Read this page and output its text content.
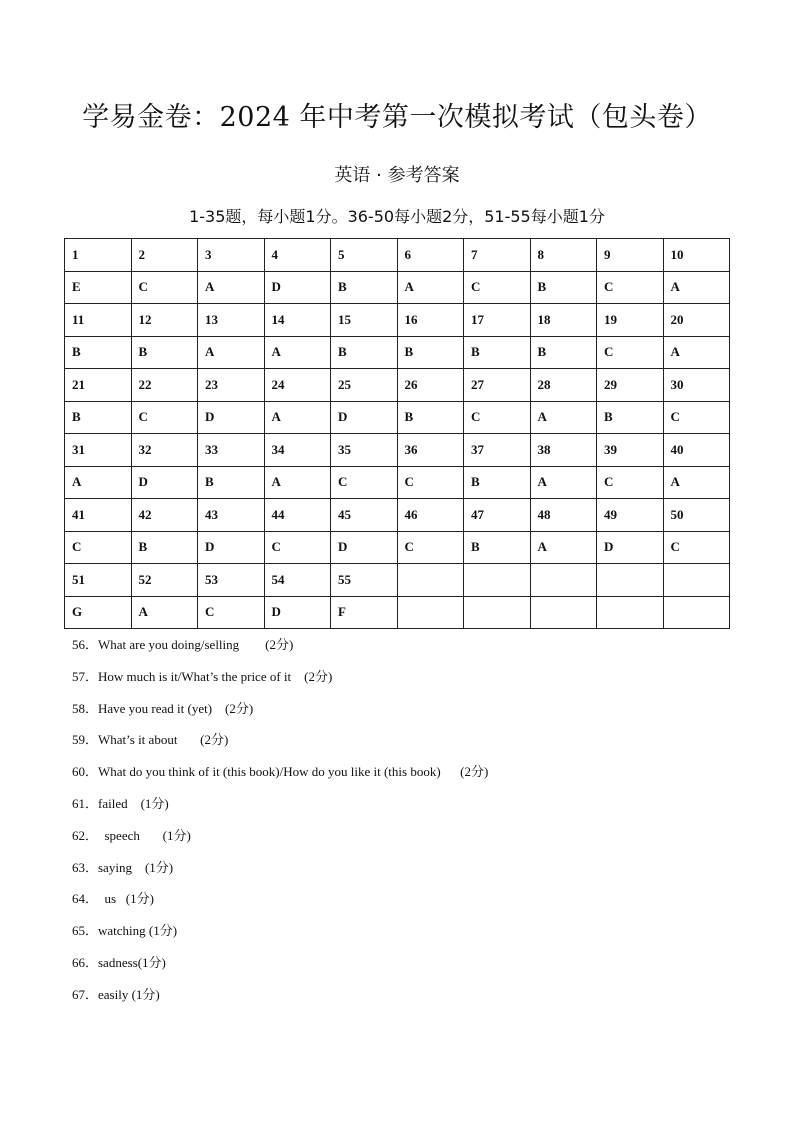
学易金卷：2024 年中考第一次模拟考试（包头卷）
英语 · 参考答案
1-35题，每小题1分。36-50每小题2分，51-55每小题1分
1	2	3	4	5	6	7	8	9	10
E	C	A	D	B	A	C	B	C	A
11	12	13	14	15	16	17	18	19	20
B	B	A	A	B	B	B	B	C	A
21	22	23	24	25	26	27	28	29	30
B	C	D	A	D	B	C	A	B	C
31	32	33	34	35	36	37	38	39	40
A	D	B	A	C	C	B	A	C	A
41	42	43	44	45	46	47	48	49	50
C	B	D	C	D	C	B	A	D	C
51	52	53	54	55					
G	A	C	D	F					
56．What are you doing/selling        (2分)
57．How much is it/What’s the price of it    (2分)
58．Have you read it (yet)    (2分)
59．What’s it about       (2分)
60．What do you think of it (this book)/How do you like it (this book)      (2分)
61．failed    (1分)
62．  speech       (1分)
63．saying    (1分)
64．  us   (1分)
65．watching (1分)
66．sadness(1分)
67．easily (1分)
